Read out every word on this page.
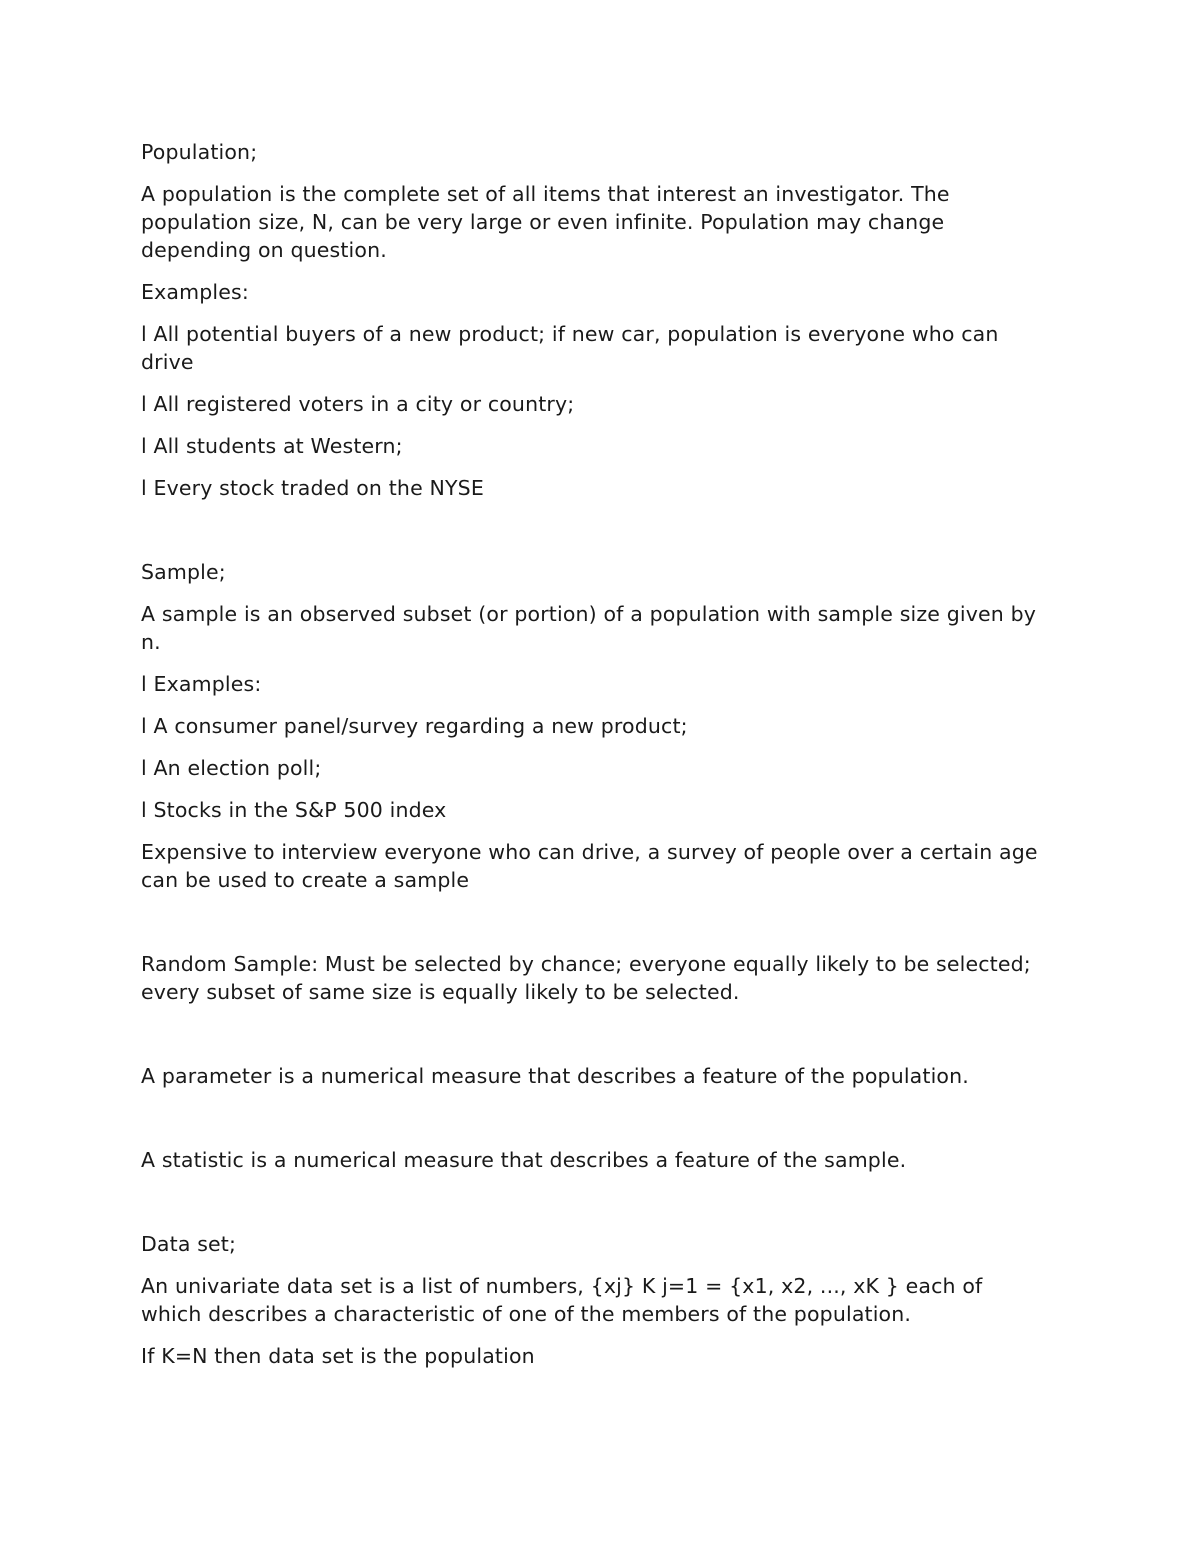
Population;

A population is the complete set of all items that interest an investigator. The population size, N, can be very large or even infinite. Population may change depending on question.

Examples:

l All potential buyers of a new product; if new car, population is everyone who can drive

l All registered voters in a city or country;

l All students at Western;

l Every stock traded on the NYSE

Sample;

A sample is an observed subset (or portion) of a population with sample size given by n.

l Examples:

l A consumer panel/survey regarding a new product;

l An election poll;

l Stocks in the S&P 500 index

Expensive to interview everyone who can drive, a survey of people over a certain age can be used to create a sample

Random Sample: Must be selected by chance; everyone equally likely to be selected; every subset of same size is equally likely to be selected.

A parameter is a numerical measure that describes a feature of the population.

A statistic is a numerical measure that describes a feature of the sample.

Data set;

An univariate data set is a list of numbers, {xj} K j=1 = {x1, x2, ..., xK } each of which describes a characteristic of one of the members of the population.

If K=N then data set is the population
